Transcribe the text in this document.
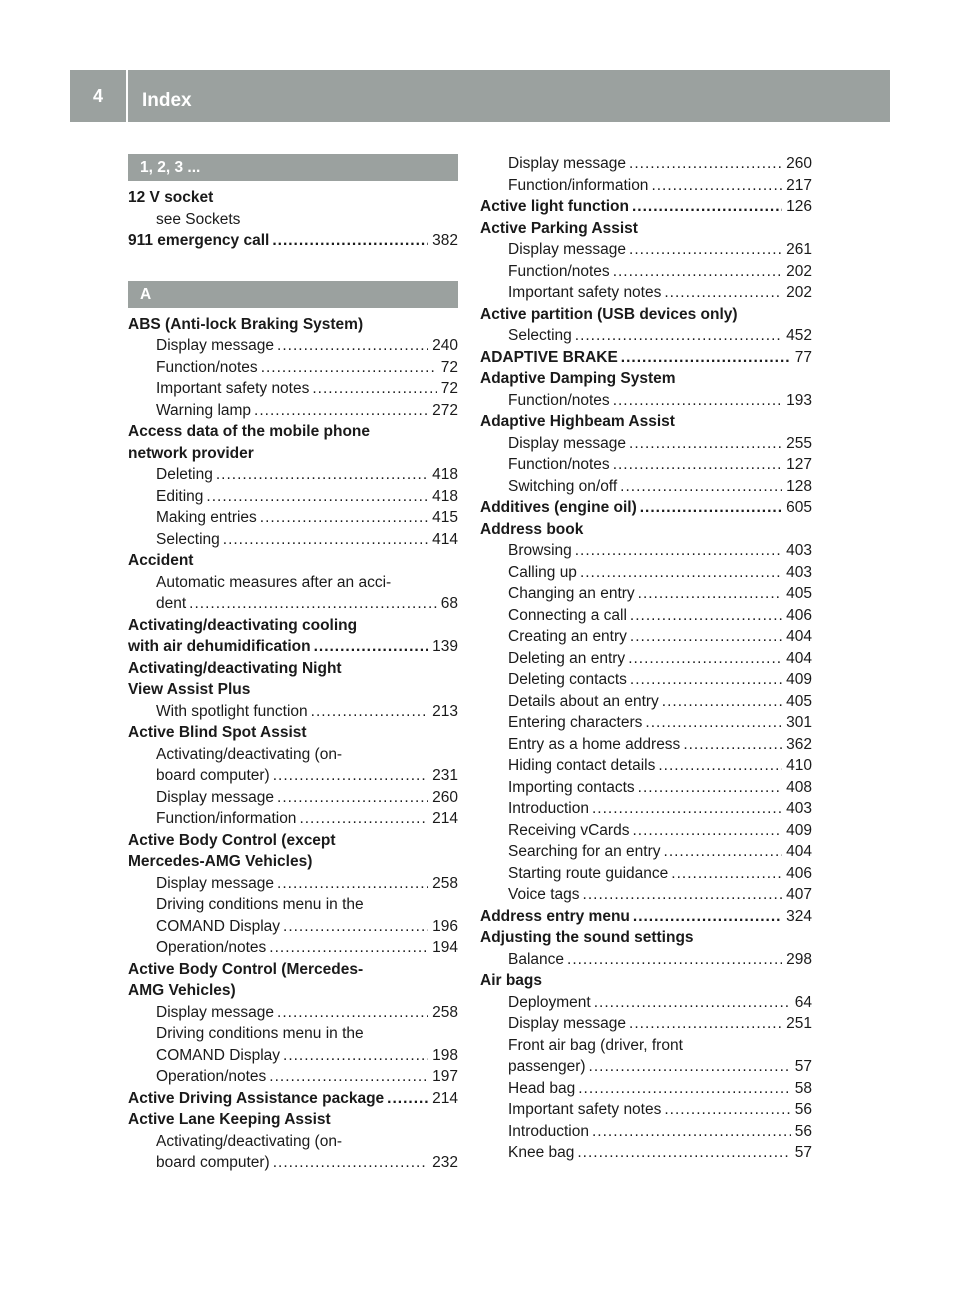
4	Index
1, 2, 3 ...
12 V socket
see Sockets
911 emergency call .....	382
A
ABS (Anti-lock Braking System)
Display message .....	240
Function/notes .....	72
Important safety notes .....	72
Warning lamp .....	272
Access data of the mobile phone
network provider
Deleting .....	418
Editing .....	418
Making entries .....	415
Selecting .....	414
Accident
Automatic measures after an acci-
dent .....	68
Activating/deactivating cooling
with air dehumidification .....	139
Activating/deactivating Night
View Assist Plus
With spotlight function .....	213
Active Blind Spot Assist
Activating/deactivating (on-
board computer) .....	231
Display message .....	260
Function/information .....	214
Active Body Control (except
Mercedes-AMG Vehicles)
Display message .....	258
Driving conditions menu in the
COMAND Display .....	196
Operation/notes .....	194
Active Body Control (Mercedes-
AMG Vehicles)
Display message .....	258
Driving conditions menu in the
COMAND Display .....	198
Operation/notes .....	197
Active Driving Assistance package .....	214
Active Lane Keeping Assist
Activating/deactivating (on-
board computer) .....	232
Display message .....	260
Function/information .....	217
Active light function .....	126
Active Parking Assist
Display message .....	261
Function/notes .....	202
Important safety notes .....	202
Active partition (USB devices only)
Selecting .....	452
ADAPTIVE BRAKE .....	77
Adaptive Damping System
Function/notes .....	193
Adaptive Highbeam Assist
Display message .....	255
Function/notes .....	127
Switching on/off .....	128
Additives (engine oil) .....	605
Address book
Browsing .....	403
Calling up .....	403
Changing an entry .....	405
Connecting a call .....	406
Creating an entry .....	404
Deleting an entry .....	404
Deleting contacts .....	409
Details about an entry .....	405
Entering characters .....	301
Entry as a home address .....	362
Hiding contact details .....	410
Importing contacts .....	408
Introduction .....	403
Receiving vCards .....	409
Searching for an entry .....	404
Starting route guidance .....	406
Voice tags .....	407
Address entry menu .....	324
Adjusting the sound settings
Balance .....	298
Air bags
Deployment .....	64
Display message .....	251
Front air bag (driver, front
passenger) .....	57
Head bag .....	58
Important safety notes .....	56
Introduction .....	56
Knee bag .....	57
